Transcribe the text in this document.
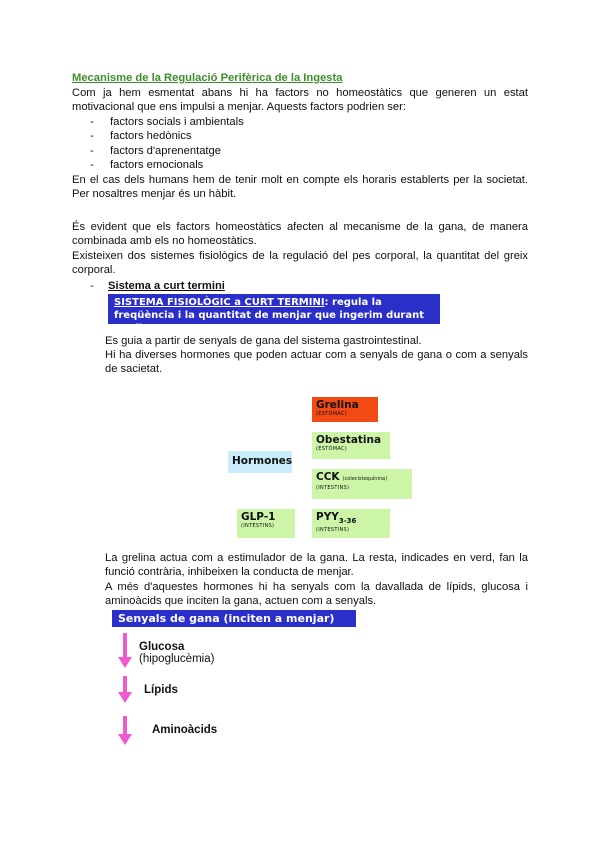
Mecanisme de la Regulació Perifèrica de la Ingesta

Com ja hem esmentat abans hi ha factors no homeostàtics que generen un estat motivacional que ens impulsi a menjar. Aquests factors podrien ser:

- factors socials i ambientals
- factors hedònics
- factors d'aprenentatge
- factors emocionals

En el cas dels humans hem de tenir molt en compte els horaris establerts per la societat. Per nosaltres menjar és un hàbit.

És evident que els factors homeostàtics afecten al mecanisme de la gana, de manera combinada amb els no homeostàtics.

Existeixen dos sistemes fisiològics de la regulació del pes corporal, la quantitat del greix corporal.

- Sistema a curt termini
SISTEMA FISIOLÒGIC a CURT TERMINI: regula la
freqüència i la quantitat de menjar que ingerim durant un dia

Es guia a partir de senyals de gana del sistema gastrointestinal.

Hi ha diverses hormones que poden actuar com a senyals de gana o com a senyals de sacietat.

Hormones
Grelina
(ESTÒMAC)
Obestatina
(ESTÒMAC)
CCK (colecistoquinina)
(INTESTINS)
GLP-1
(INTESTINS)
$PYY_{3-36}$
(INTESTINS)

La grelina actua com a estimulador de la gana. La resta, indicades en verd, fan la funció contrària, inhibeixen la conducta de menjar.

A més d'aquestes hormones hi ha senyals com la davallada de lípids, glucosa i aminoàcids que inciten la gana, actuen com a senyals.

Senyals de gana (inciten a menjar)
Glucosa
(hipoglucèmia)
Lípids
Aminoàcids
